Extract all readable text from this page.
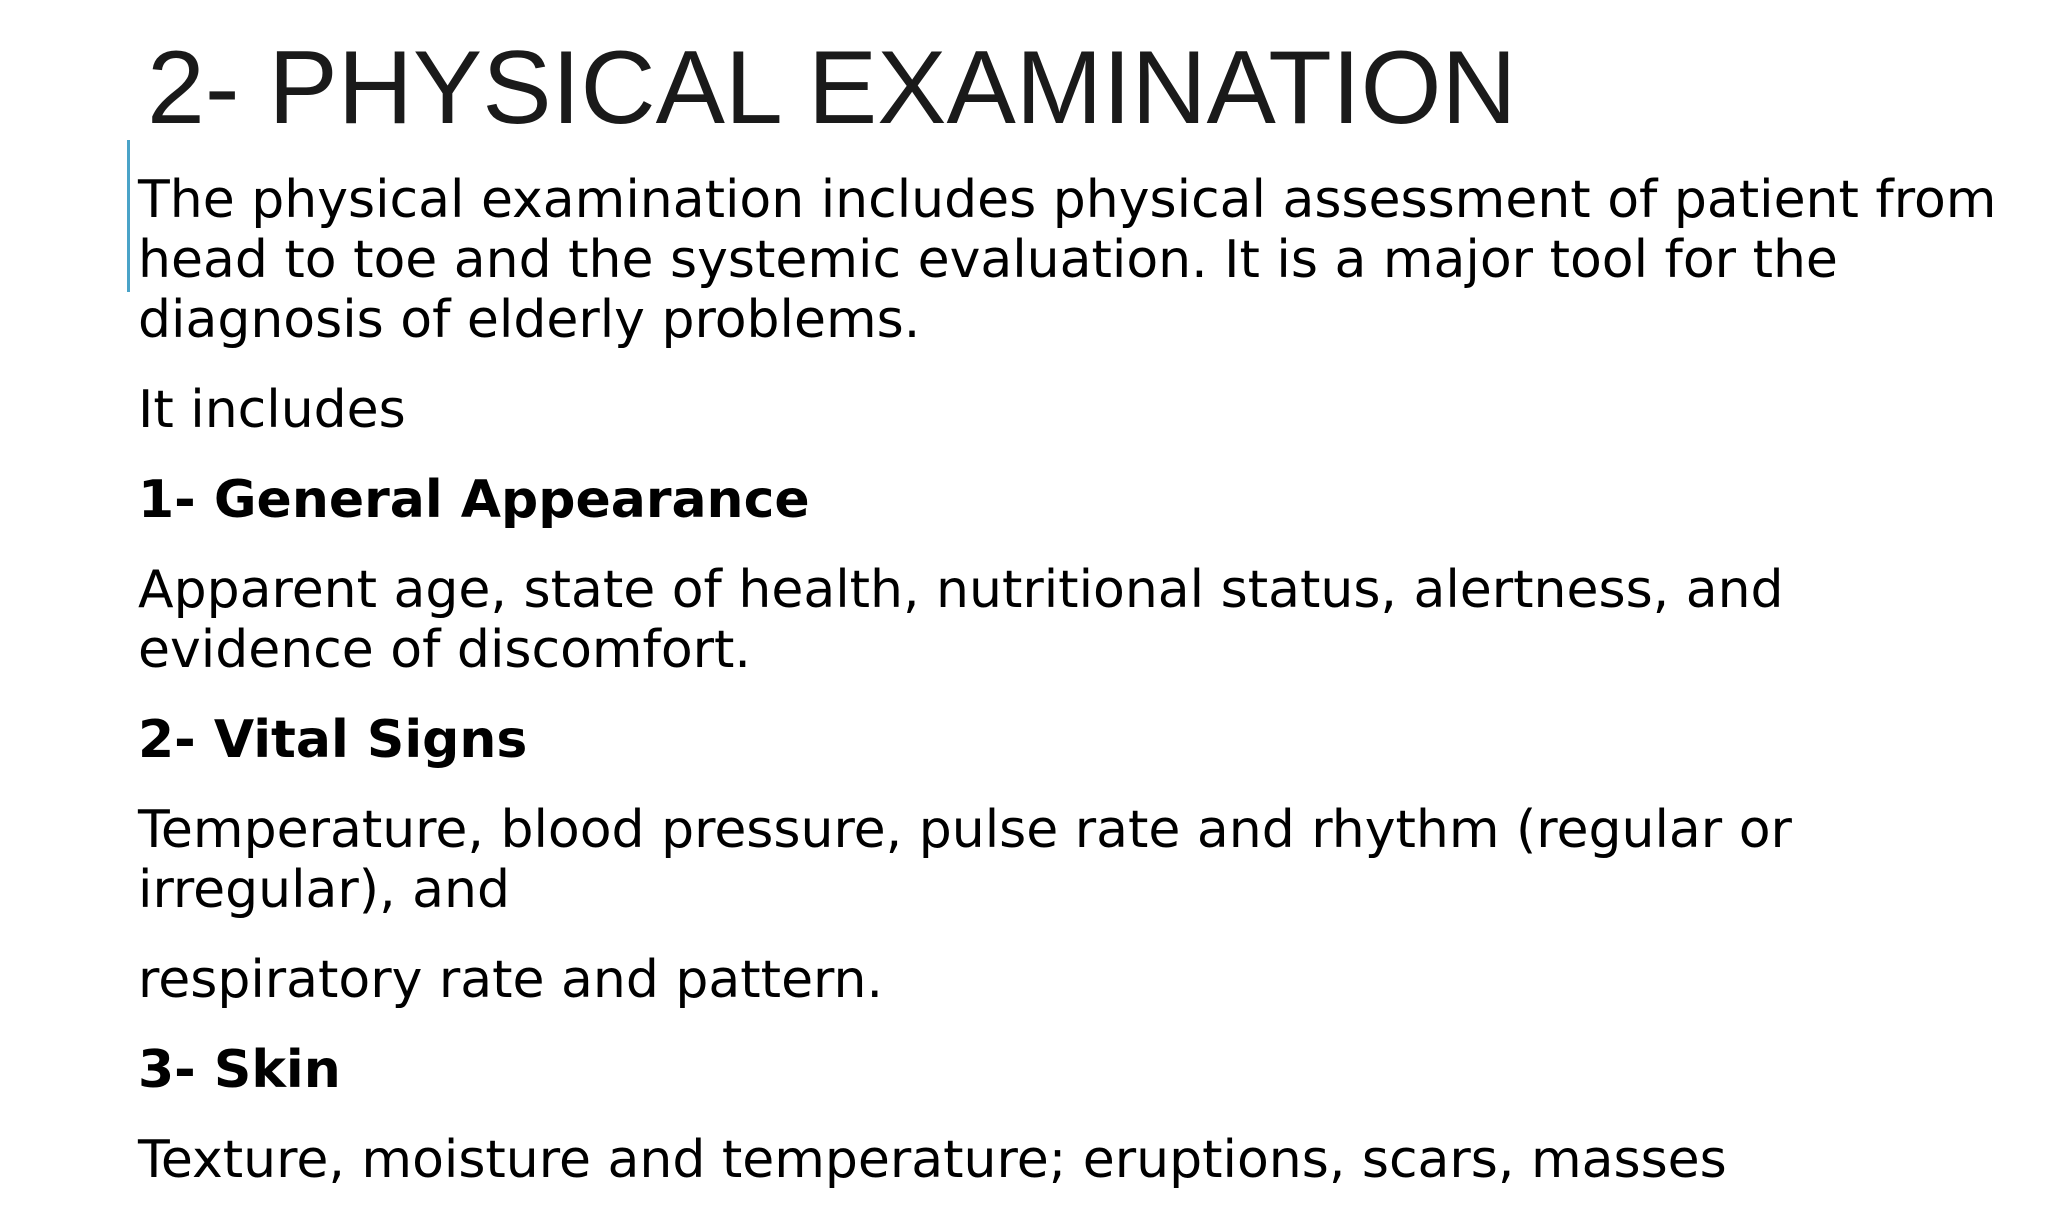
2- PHYSICAL EXAMINATION

The physical examination includes physical assessment of patient from head to toe and the systemic evaluation. It is a major tool for the diagnosis of elderly problems.

It includes

1- General Appearance

Apparent age, state of health, nutritional status, alertness, and evidence of discomfort.

2- Vital Signs

Temperature, blood pressure, pulse rate and rhythm (regular or irregular), and

respiratory rate and pattern.

3- Skin

Texture, moisture and temperature; eruptions, scars, masses
